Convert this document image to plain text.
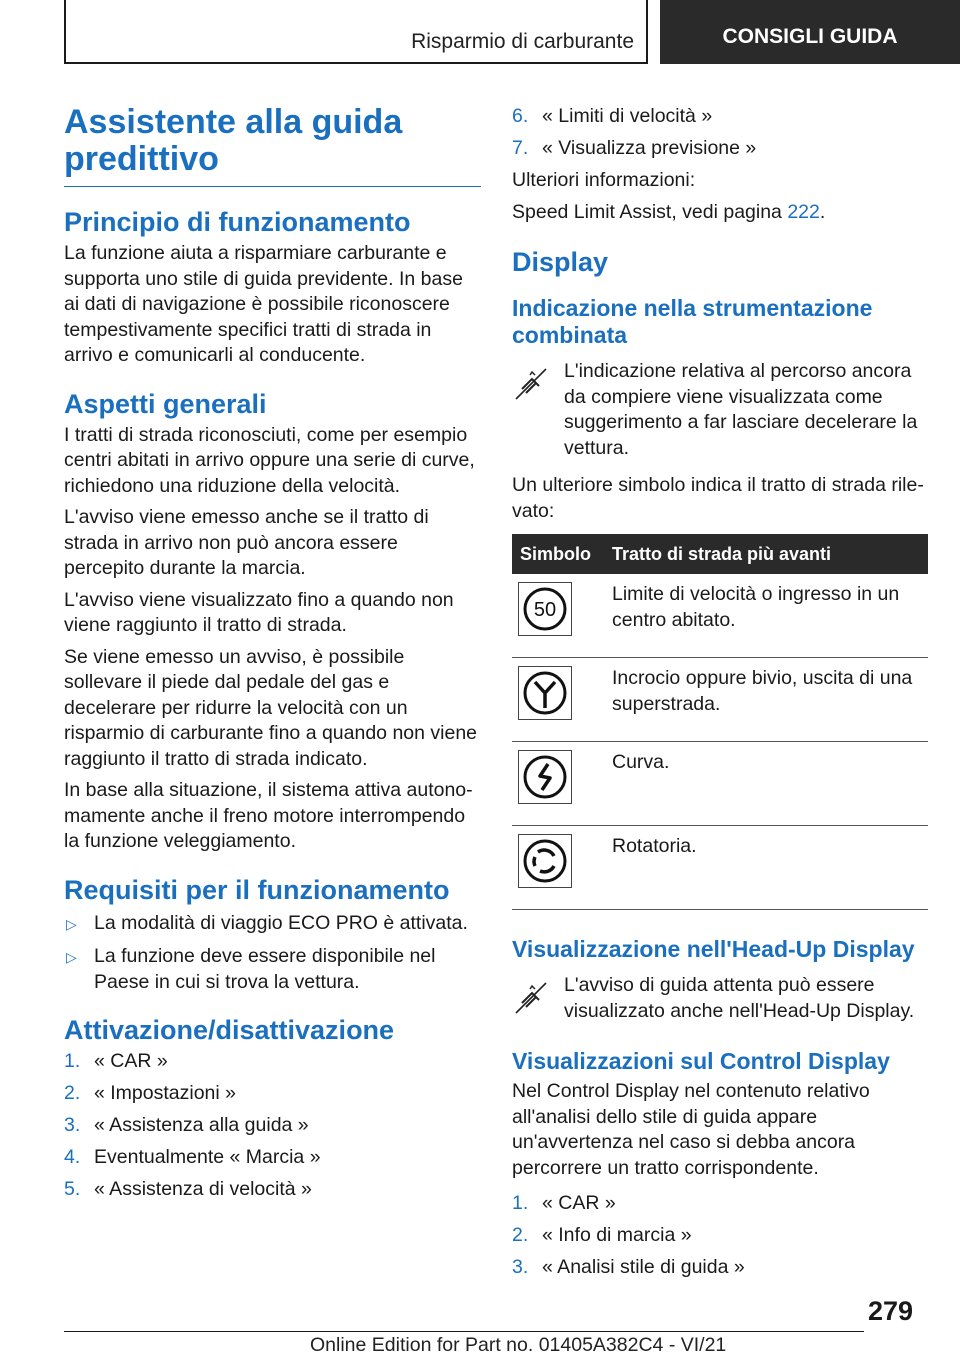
Risparmio di carburante	CONSIGLI GUIDA
Assistente alla guida predittivo
Principio di funzionamento

La funzione aiuta a risparmiare carburante e supporta uno stile di guida previdente. In base ai dati di navigazione è possibile riconoscere tempestivamente specifici tratti di strada in arrivo e comunicarli al conducente.

Aspetti generali

I tratti di strada riconosciuti, come per esempio centri abitati in arrivo oppure una serie di curve, richiedono una riduzione della velocità.

L'avviso viene emesso anche se il tratto di strada in arrivo non può ancora essere percepito durante la marcia.

L'avviso viene visualizzato fino a quando non viene raggiunto il tratto di strada.

Se viene emesso un avviso, è possibile sollevare il piede dal pedale del gas e decelerare per ridurre la velocità con un risparmio di carburante fino a quando non viene raggiunto il tratto di strada indicato.

In base alla situazione, il sistema attiva autonomamente anche il freno motore interrompendo la funzione veleggiamento.

Requisiti per il funzionamento
▷ La modalità di viaggio ECO PRO è attivata.
▷ La funzione deve essere disponibile nel Paese in cui si trova la vettura.
Attivazione/disattivazione
1. « CAR »
2. « Impostazioni »
3. « Assistenza alla guida »
4. Eventualmente « Marcia »
5. « Assistenza di velocità »
6. « Limiti di velocità »
7. « Visualizza previsione »

Ulteriori informazioni:

Speed Limit Assist, vedi pagina 222.

Display
Indicazione nella strumentazione combinata

L'indicazione relativa al percorso ancora da compiere viene visualizzata come suggerimento a far lasciare decelerare la vettura.

Un ulteriore simbolo indica il tratto di strada rilevato:

Simbolo	Tratto di strada più avanti

50	Limite di velocità o ingresso in un centro abitato.

	Incrocio oppure bivio, uscita di una superstrada.

	Curva.

	Rotatoria.
Visualizzazione nell'Head-Up Display

L'avviso di guida attenta può essere visualizzato anche nell'Head-Up Display.

Visualizzazioni sul Control Display

Nel Control Display nel contenuto relativo all'analisi dello stile di guida appare un'avvertenza nel caso si debba ancora percorrere un tratto corrispondente.

1. « CAR »
2. « Info di marcia »
3. « Analisi stile di guida »
279
Online Edition for Part no. 01405A382C4 - VI/21
